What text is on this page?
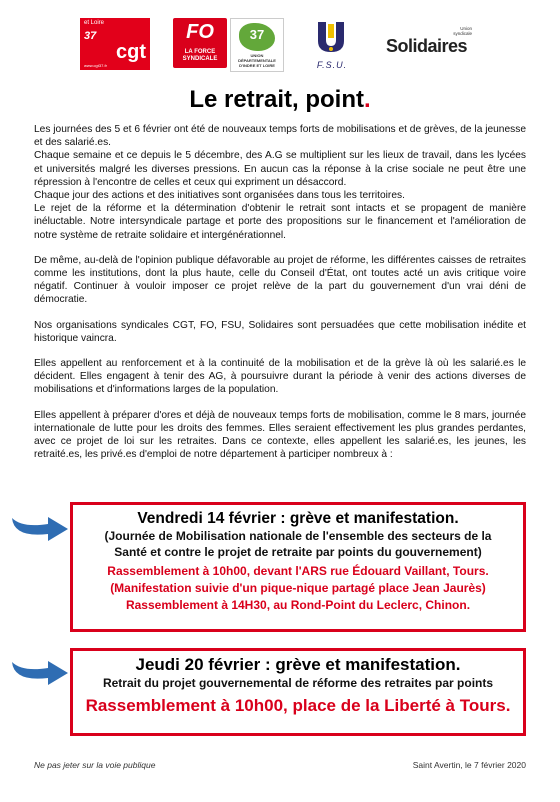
et Loire
37
cgt
www.cgt37.fr
FO
LA FORCE
SYNDICALE
37
UNION DÉPARTEMENTALE D'INDRE ET LOIRE	F.S.U.
Union
syndicale
Solidaires
Le retrait, point.

Les journées des 5 et 6 février ont été de nouveaux temps forts de mobilisations et de grèves, de la jeunesse et des salarié.es.

Chaque semaine et ce depuis le 5 décembre, des A.G se multiplient sur les lieux de travail, dans les lycées et universités malgré les diverses pressions. En aucun cas la réponse à la crise sociale ne peut être une répression à l'encontre de celles et ceux qui expriment un désaccord.

Chaque jour des actions et des initiatives sont organisées dans tous les territoires.

Le rejet de la réforme et la détermination d'obtenir le retrait sont intacts et se propagent de manière inéluctable. Notre intersyndicale partage et porte des propositions sur le financement et l'amélioration de notre système de retraite solidaire et intergénérationnel.

De même, au-delà de l'opinion publique défavorable au projet de réforme, les différentes caisses de retraites comme les institutions, dont la plus haute, celle du Conseil d'État, ont toutes acté un avis critique voire négatif. Continuer à vouloir imposer ce projet relève de la part du gouvernement d'un vrai déni de démocratie.

Nos organisations syndicales CGT, FO, FSU, Solidaires sont persuadées que cette mobilisation inédite et historique vaincra.

Elles appellent au renforcement et à la continuité de la mobilisation et de la grève là où les salarié.es le décident. Elles engagent à tenir des AG, à poursuivre durant la période à venir des actions diverses de mobilisations et d'informations larges de la population.

Elles appellent à préparer d'ores et déjà de nouveaux temps forts de mobilisation, comme le 8 mars, journée internationale de lutte pour les droits des femmes. Elles seraient effectivement les plus grandes perdantes, avec ce projet de loi sur les retraites. Dans ce contexte, elles appellent les salarié.es, les jeunes, les retraité.es, les privé.es d'emploi de notre département à participer nombreux à :

Vendredi 14 février : grève et manifestation.

(Journée de Mobilisation nationale de l'ensemble des secteurs de la

Santé et contre le projet de retraite par points du gouvernement)

Rassemblement à 10h00, devant l'ARS rue Édouard Vaillant, Tours.

(Manifestation suivie d'un pique-nique partagé place Jean Jaurès)

Rassemblement à 14H30, au Rond-Point du Leclerc, Chinon.

Jeudi 20 février : grève et manifestation.

Retrait du projet gouvernemental de réforme des retraites par points

Rassemblement à 10h00, place de la Liberté à Tours.

Ne pas jeter sur la voie publique	Saint Avertin, le 7 février 2020
